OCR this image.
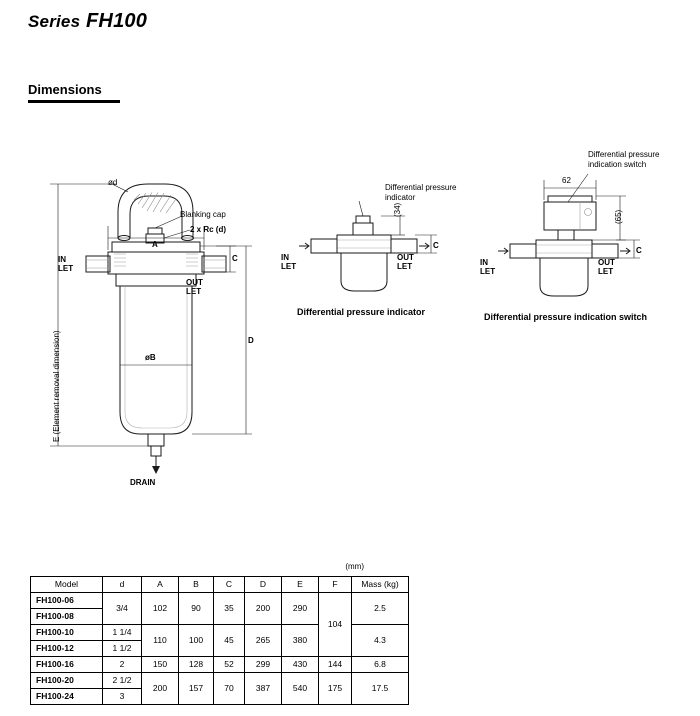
Series FH100
Dimensions
ød
Blanking cap
2 x Rc (d)
A
C
D
øB
IN
LET
OUT
LET
DRAIN
E (Element removal dimension)
Differential pressure
indicator
(34)
C
IN
LET
OUT
LET
Differential pressure indicator
Differential pressure
indication switch
62
(65)
C
IN
LET
OUT
LET
Differential pressure indication switch
(mm)
Model	d	A	B	C	D	E	F	Mass (kg)
FH100-06	3/4	102	90	35	200	290	104	2.5
FH100-08								
FH100-10	1 1/4	110	100	45	265	380		4.3
FH100-12	1 1/2							
FH100-16	2	150	128	52	299	430	144	6.8
FH100-20	2 1/2	200	157	70	387	540	175	17.5
FH100-24	3							
